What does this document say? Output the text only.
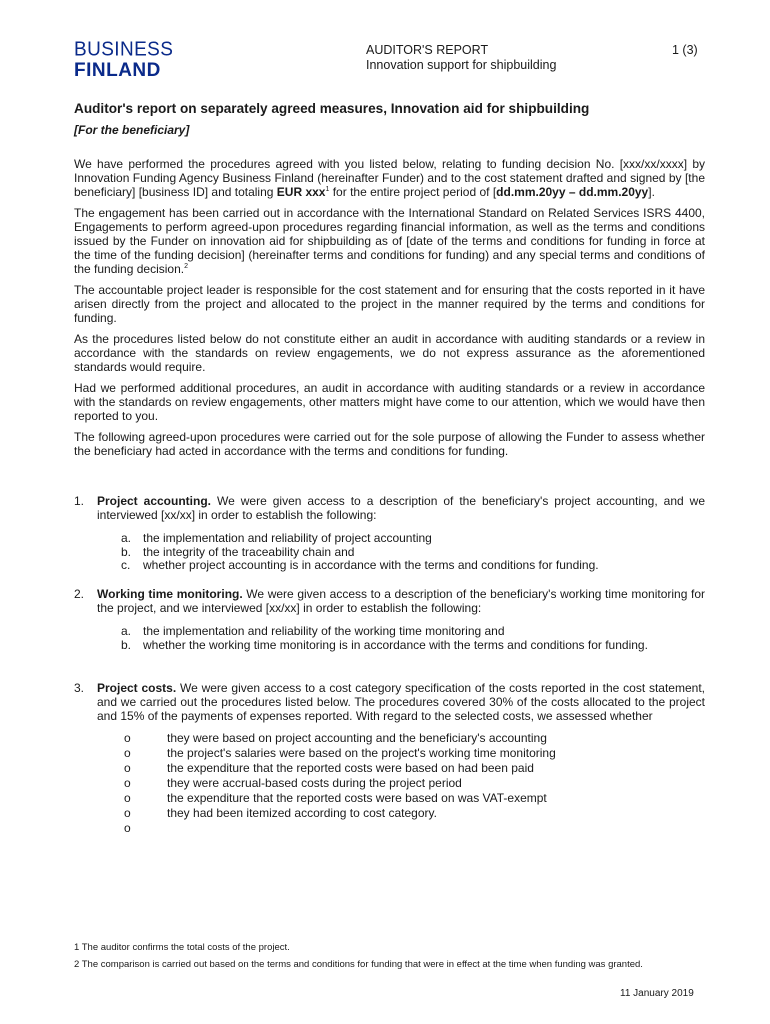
BUSINESS
FINLAND
AUDITOR'S REPORT
Innovation support for shipbuilding
1 (3)
Auditor's report on separately agreed measures, Innovation aid for shipbuilding
[For the beneficiary]

We have performed the procedures agreed with you listed below, relating to funding decision No. [xxx/xx/xxxx] by Innovation Funding Agency Business Finland (hereinafter Funder) and to the cost statement drafted and signed by [the beneficiary] [business ID] and totaling EUR xxx$^1$ for the entire project period of [dd.mm.20yy – dd.mm.20yy].

The engagement has been carried out in accordance with the International Standard on Related Services ISRS 4400, Engagements to perform agreed-upon procedures regarding financial information, as well as the terms and conditions issued by the Funder on innovation aid for shipbuilding as of [date of the terms and conditions for funding in force at the time of the funding decision] (hereinafter terms and conditions for funding) and any special terms and conditions of the funding decision.$^2$

The accountable project leader is responsible for the cost statement and for ensuring that the costs reported in it have arisen directly from the project and allocated to the project in the manner required by the terms and conditions for funding.

As the procedures listed below do not constitute either an audit in accordance with auditing standards or a review in accordance with the standards on review engagements, we do not express assurance as the aforementioned standards would require.

Had we performed additional procedures, an audit in accordance with auditing standards or a review in accordance with the standards on review engagements, other matters might have come to our attention, which we would have then reported to you.

The following agreed-upon procedures were carried out for the sole purpose of allowing the Funder to assess whether the beneficiary had acted in accordance with the terms and conditions for funding.

1. Project accounting. We were given access to a description of the beneficiary's project accounting, and we interviewed [xx/xx] in order to establish the following:
a. the implementation and reliability of project accounting
b. the integrity of the traceability chain and
c. whether project accounting is in accordance with the terms and conditions for funding.
2. Working time monitoring. We were given access to a description of the beneficiary's working time monitoring for the project, and we interviewed [xx/xx] in order to establish the following:
a. the implementation and reliability of the working time monitoring and
b. whether the working time monitoring is in accordance with the terms and conditions for funding.
3. Project costs. We were given access to a cost category specification of the costs reported in the cost statement, and we carried out the procedures listed below. The procedures covered 30% of the costs allocated to the project and 15% of the payments of expenses reported. With regard to the selected costs, we assessed whether
o	they were based on project accounting and the beneficiary's accounting
o	the project's salaries were based on the project's working time monitoring
o	the expenditure that the reported costs were based on had been paid
o	they were accrual-based costs during the project period
o	the expenditure that the reported costs were based on was VAT-exempt
o	they had been itemized according to cost category.
o
1 The auditor confirms the total costs of the project.
2 The comparison is carried out based on the terms and conditions for funding that were in effect at the time when funding was granted.
11 January 2019
